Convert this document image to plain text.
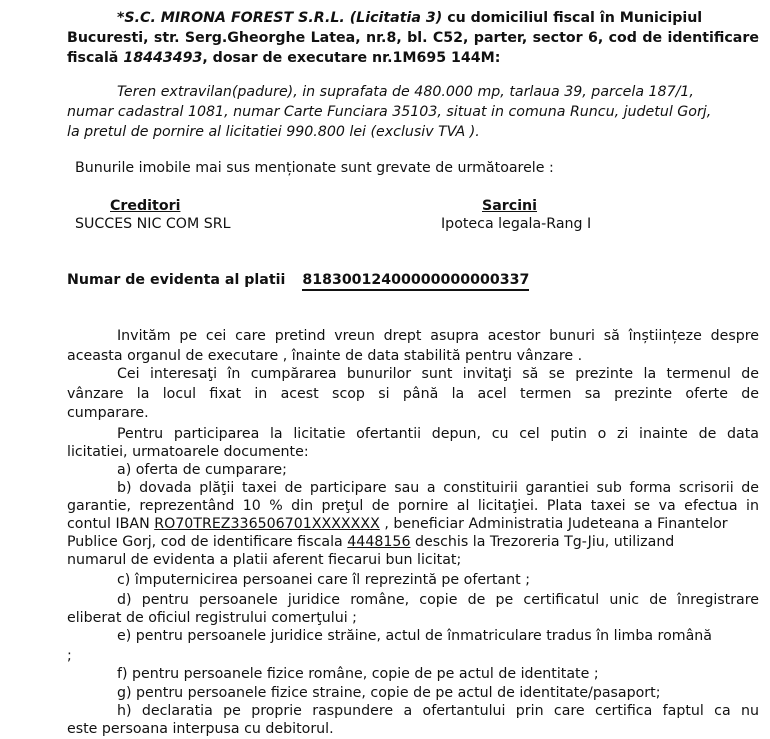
*S.C. MIRONA FOREST S.R.L. (Licitatia 3) cu domiciliul fiscal în Municipiul
Bucuresti, str. Serg.Gheorghe Latea, nr.8, bl. C52, parter, sector 6, cod de identificare
fiscală 18443493, dosar de executare nr.1M695 144M:
Teren extravilan(padure), in suprafata de 480.000 mp, tarlaua 39, parcela 187/1,
numar cadastral 1081, numar Carte Funciara 35103, situat in comuna Runcu, judetul Gorj,
la pretul de pornire al licitatiei 990.800 lei (exclusiv TVA ).
Bunurile imobile mai sus menționate sunt grevate de următoarele :
Creditori	Sarcini
SUCCES NIC COM SRL	Ipoteca legala-Rang I
Numar de evidenta al platii 81830012400000000000337
Invităm pe cei care pretind vreun drept asupra acestor bunuri să înștiințeze despre
aceasta organul de executare , înainte de data stabilită pentru vânzare .
Cei interesaţi în cumpărarea bunurilor sunt invitaţi să se prezinte la termenul de
vânzare la locul fixat in acest scop si până la acel termen sa prezinte oferte de
cumparare.
Pentru participarea la licitatie ofertantii depun, cu cel putin o zi inainte de data
licitatiei, urmatoarele documente:
a) oferta de cumparare;
b) dovada plăţii taxei de participare sau a constituirii garantiei sub forma scrisorii de
garantie, reprezentând 10 % din preţul de pornire al licitaţiei. Plata taxei se va efectua in
contul IBAN RO70TREZ336506701XXXXXXX , beneficiar Administratia Judeteana a Finantelor
Publice Gorj, cod de identificare fiscala 4448156 deschis la Trezoreria Tg-Jiu, utilizand
numarul de evidenta a platii aferent fiecarui bun licitat;
c) împuternicirea persoanei care îl reprezintă pe ofertant ;
d) pentru persoanele juridice române, copie de pe certificatul unic de înregistrare
eliberat de oficiul registrului comerţului ;
e) pentru persoanele juridice străine, actul de înmatriculare tradus în limba română
;
f) pentru persoanele fizice române, copie de pe actul de identitate ;
g) pentru persoanele fizice straine, copie de pe actul de identitate/pasaport;
h) declaratia pe proprie raspundere a ofertantului prin care certifica faptul ca nu
este persoana interpusa cu debitorul.
